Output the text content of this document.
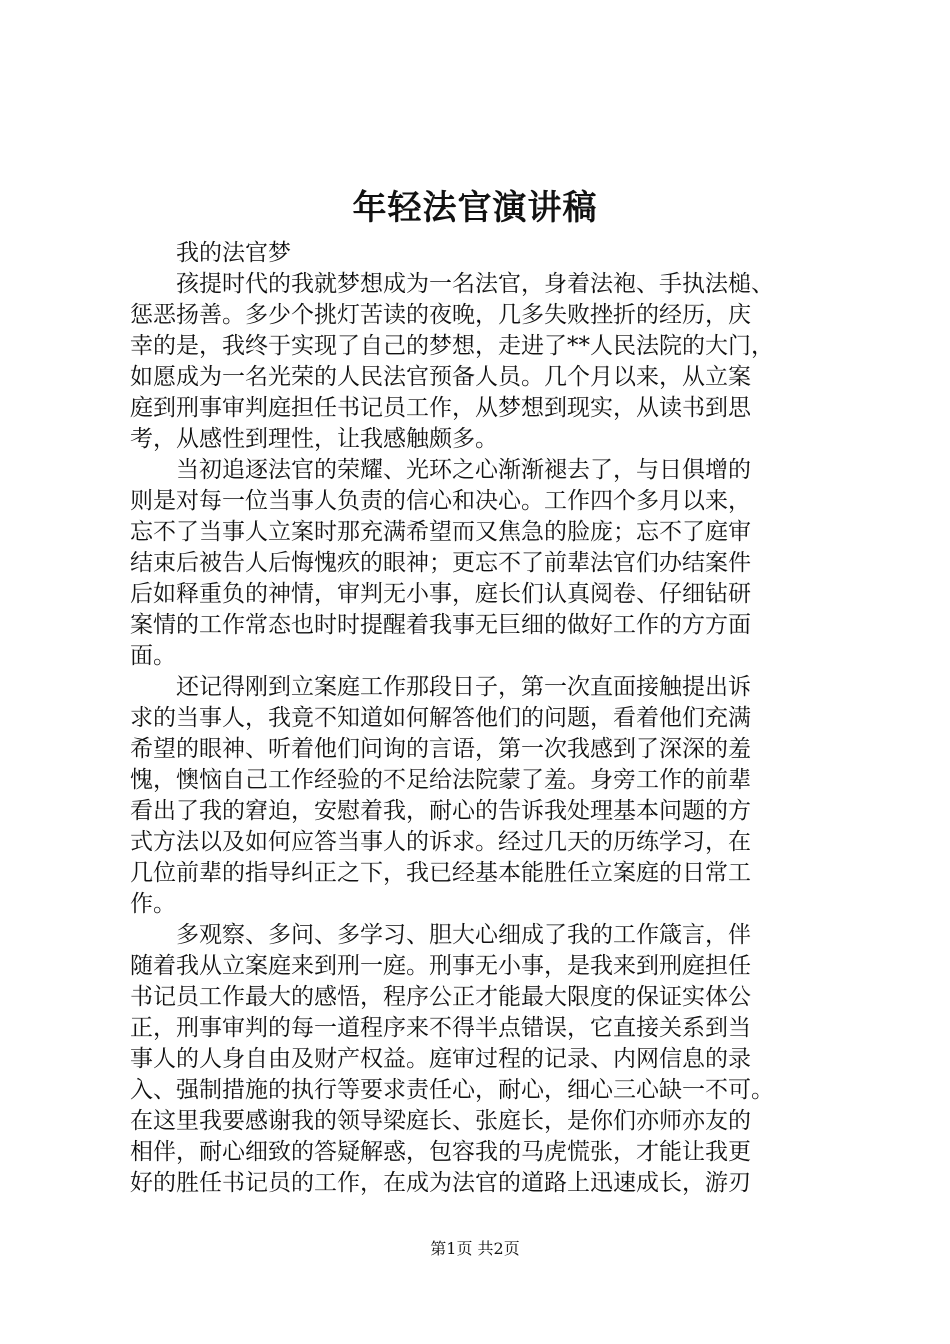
年轻法官演讲稿
　　我的法官梦
　　孩提时代的我就梦想成为一名法官，身着法袍、手执法槌、
惩恶扬善。多少个挑灯苦读的夜晚，几多失败挫折的经历，庆
幸的是，我终于实现了自己的梦想，走进了**人民法院的大门，
如愿成为一名光荣的人民法官预备人员。几个月以来，从立案
庭到刑事审判庭担任书记员工作，从梦想到现实，从读书到思
考，从感性到理性，让我感触颇多。
　　当初追逐法官的荣耀、光环之心渐渐褪去了，与日俱增的
则是对每一位当事人负责的信心和决心。工作四个多月以来，
忘不了当事人立案时那充满希望而又焦急的脸庞；忘不了庭审
结束后被告人后悔愧疚的眼神；更忘不了前辈法官们办结案件
后如释重负的神情，审判无小事，庭长们认真阅卷、仔细钻研
案情的工作常态也时时提醒着我事无巨细的做好工作的方方面
面。
　　还记得刚到立案庭工作那段日子，第一次直面接触提出诉
求的当事人，我竟不知道如何解答他们的问题，看着他们充满
希望的眼神、听着他们问询的言语，第一次我感到了深深的羞
愧，懊恼自己工作经验的不足给法院蒙了羞。身旁工作的前辈
看出了我的窘迫，安慰着我，耐心的告诉我处理基本问题的方
式方法以及如何应答当事人的诉求。经过几天的历练学习，在
几位前辈的指导纠正之下，我已经基本能胜任立案庭的日常工
作。
　　多观察、多问、多学习、胆大心细成了我的工作箴言，伴
随着我从立案庭来到刑一庭。刑事无小事，是我来到刑庭担任
书记员工作最大的感悟，程序公正才能最大限度的保证实体公
正，刑事审判的每一道程序来不得半点错误，它直接关系到当
事人的人身自由及财产权益。庭审过程的记录、内网信息的录
入、强制措施的执行等要求责任心，耐心，细心三心缺一不可。
在这里我要感谢我的领导梁庭长、张庭长，是你们亦师亦友的
相伴，耐心细致的答疑解惑，包容我的马虎慌张，才能让我更
好的胜任书记员的工作，在成为法官的道路上迅速成长，游刃
第1页 共2页
